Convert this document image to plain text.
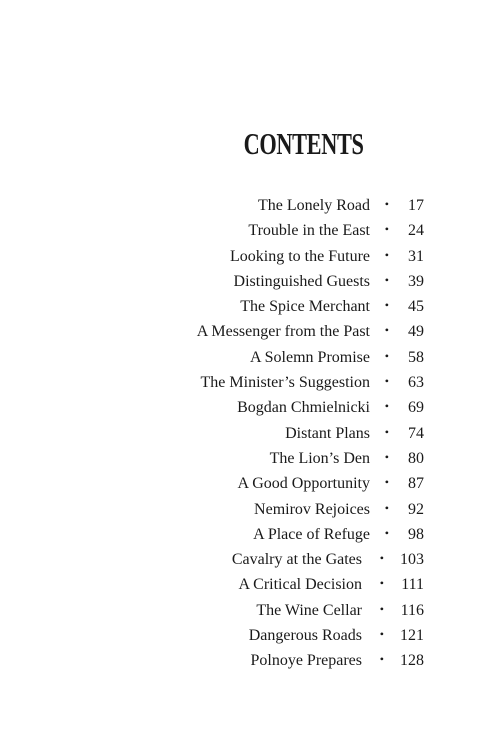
CONTENTS
The Lonely Road •	17
Trouble in the East •	24
Looking to the Future •	31
Distinguished Guests •	39
The Spice Merchant •	45
A Messenger from the Past •	49
A Solemn Promise •	58
The Minister’s Suggestion •	63
Bogdan Chmielnicki •	69
Distant Plans •	74
The Lion’s Den •	80
A Good Opportunity •	87
Nemirov Rejoices •	92
A Place of Refuge •	98
Cavalry at the Gates •	103
A Critical Decision •	111
The Wine Cellar •	116
Dangerous Roads •	121
Polnoye Prepares •	128
